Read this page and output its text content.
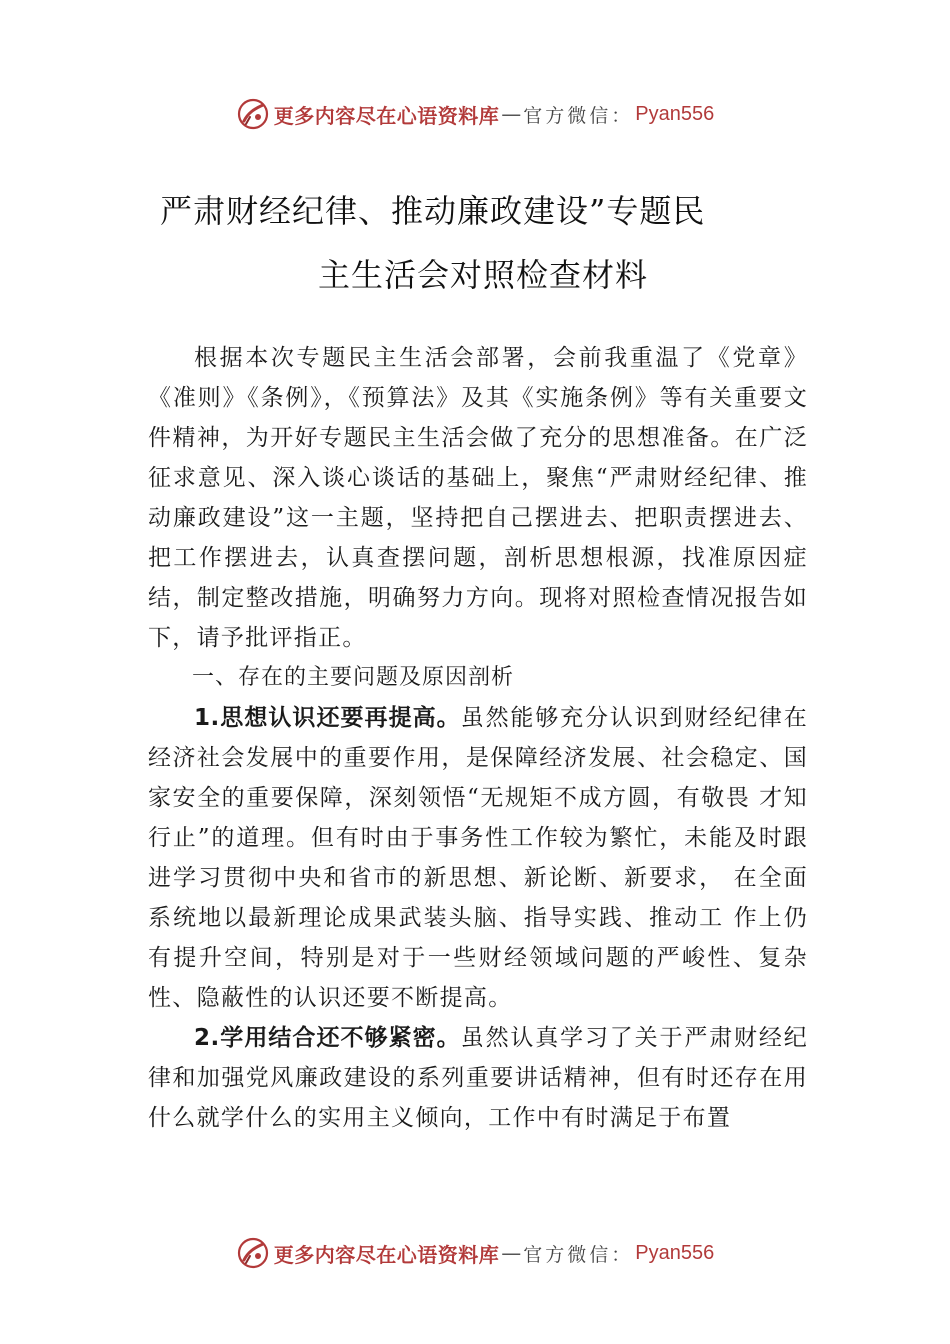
更多内容尽在心语资料库 — 官方微信： Pyan556
严肃财经纪律、推动廉政建设”专题民
主生活会对照检查材料

根据本次专题民主生活会部署，会前我重温了《党章》《准则》《条例》，《预算法》及其《实施条例》等有关重要文件精神，为开好专题民主生活会做了充分的思想准备。在广泛征求意见、深入谈心谈话的基础上，聚焦“严肃财经纪律、推动廉政建设”这一主题，坚持把自己摆进去、把职责摆进去、把工作摆进去，认真查摆问题，剖析思想根源，找准原因症结，制定整改措施，明确努力方向。现将对照检查情况报告如下，请予批评指正。

一、存在的主要问题及原因剖析

1.思想认识还要再提高。虽然能够充分认识到财经纪律在经济社会发展中的重要作用，是保障经济发展、社会稳定、国家安全的重要保障，深刻领悟“无规矩不成方圆，有敬畏 才知行止”的道理。但有时由于事务性工作较为繁忙，未能及时跟进学习贯彻中央和省市的新思想、新论断、新要求， 在全面系统地以最新理论成果武装头脑、指导实践、推动工 作上仍有提升空间，特别是对于一些财经领域问题的严峻性、复杂性、隐蔽性的认识还要不断提高。

2.学用结合还不够紧密。虽然认真学习了关于严肃财经纪律和加强党风廉政建设的系列重要讲话精神，但有时还存在用什么就学什么的实用主义倾向，工作中有时满足于布置

更多内容尽在心语资料库 — 官方微信： Pyan556
